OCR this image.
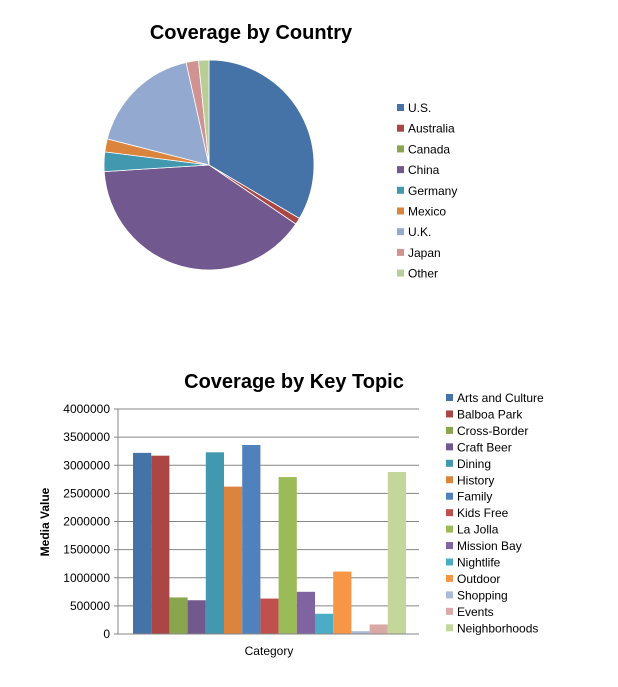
Coverage by Country
U.S.
Australia
Canada
China
Germany
Mexico
U.K.
Japan
Other
Coverage by Key Topic
4000000
3500000
3000000
2500000
2000000
1500000
1000000
500000
0
Category
Media Value
Arts and Culture
Balboa Park
Cross-Border
Craft Beer
Dining
History
Family
Kids Free
La Jolla
Mission Bay
Nightlife
Outdoor
Shopping
Events
Neighborhoods
